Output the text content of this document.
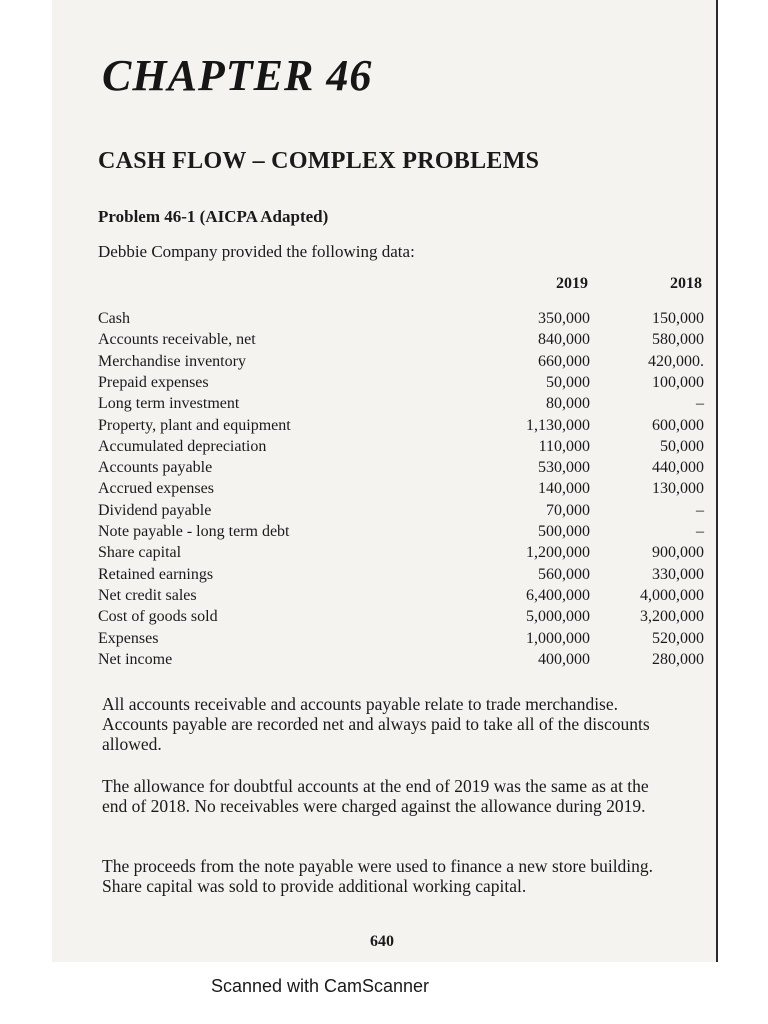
CHAPTER 46
CASH FLOW – COMPLEX PROBLEMS
Problem 46-1 (AICPA Adapted)
Debbie Company provided the following data:
2019	2018
Cash	350,000	150,000
Accounts receivable, net	840,000	580,000
Merchandise inventory	660,000	420,000.
Prepaid expenses	50,000	100,000
Long term investment	80,000	–
Property, plant and equipment	1,130,000	600,000
Accumulated depreciation	110,000	50,000
Accounts payable	530,000	440,000
Accrued expenses	140,000	130,000
Dividend payable	70,000	–
Note payable - long term debt	500,000	–
Share capital	1,200,000	900,000
Retained earnings	560,000	330,000
Net credit sales	6,400,000	4,000,000
Cost of goods sold	5,000,000	3,200,000
Expenses	1,000,000	520,000
Net income	400,000	280,000
All accounts receivable and accounts payable relate to trade merchandise. Accounts payable are recorded net and always paid to take all of the discounts allowed.
The allowance for doubtful accounts at the end of 2019 was the same as at the end of 2018. No receivables were charged against the allowance during 2019.
The proceeds from the note payable were used to finance a new store building. Share capital was sold to provide additional working capital.
640
Scanned with CamScanner
